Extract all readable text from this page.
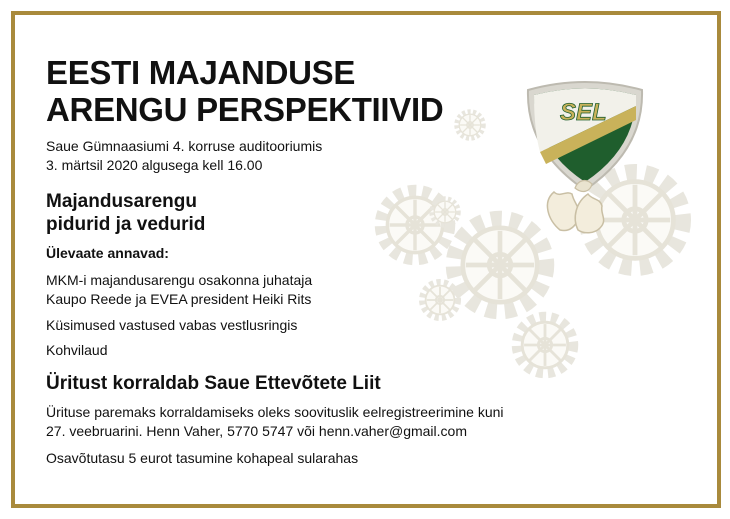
SEL
EESTI MAJANDUSE
ARENGU PERSPEKTIIVID
Saue Gümnaasiumi 4. korruse auditooriumis
3. märtsil 2020 algusega kell 16.00
Majandusarengu
pidurid ja vedurid
Ülevaate annavad:
MKM-i majandusarengu osakonna juhataja
Kaupo Reede ja EVEA president Heiki Rits
Küsimused vastused vabas vestlusringis
Kohvilaud
Üritust korraldab Saue Ettevõtete Liit
Ürituse paremaks korraldamiseks oleks soovituslik eelregistreerimine kuni
27. veebruarini. Henn Vaher, 5770 5747 või henn.vaher@gmail.com
Osavõtutasu 5 eurot tasumine kohapeal sularahas
